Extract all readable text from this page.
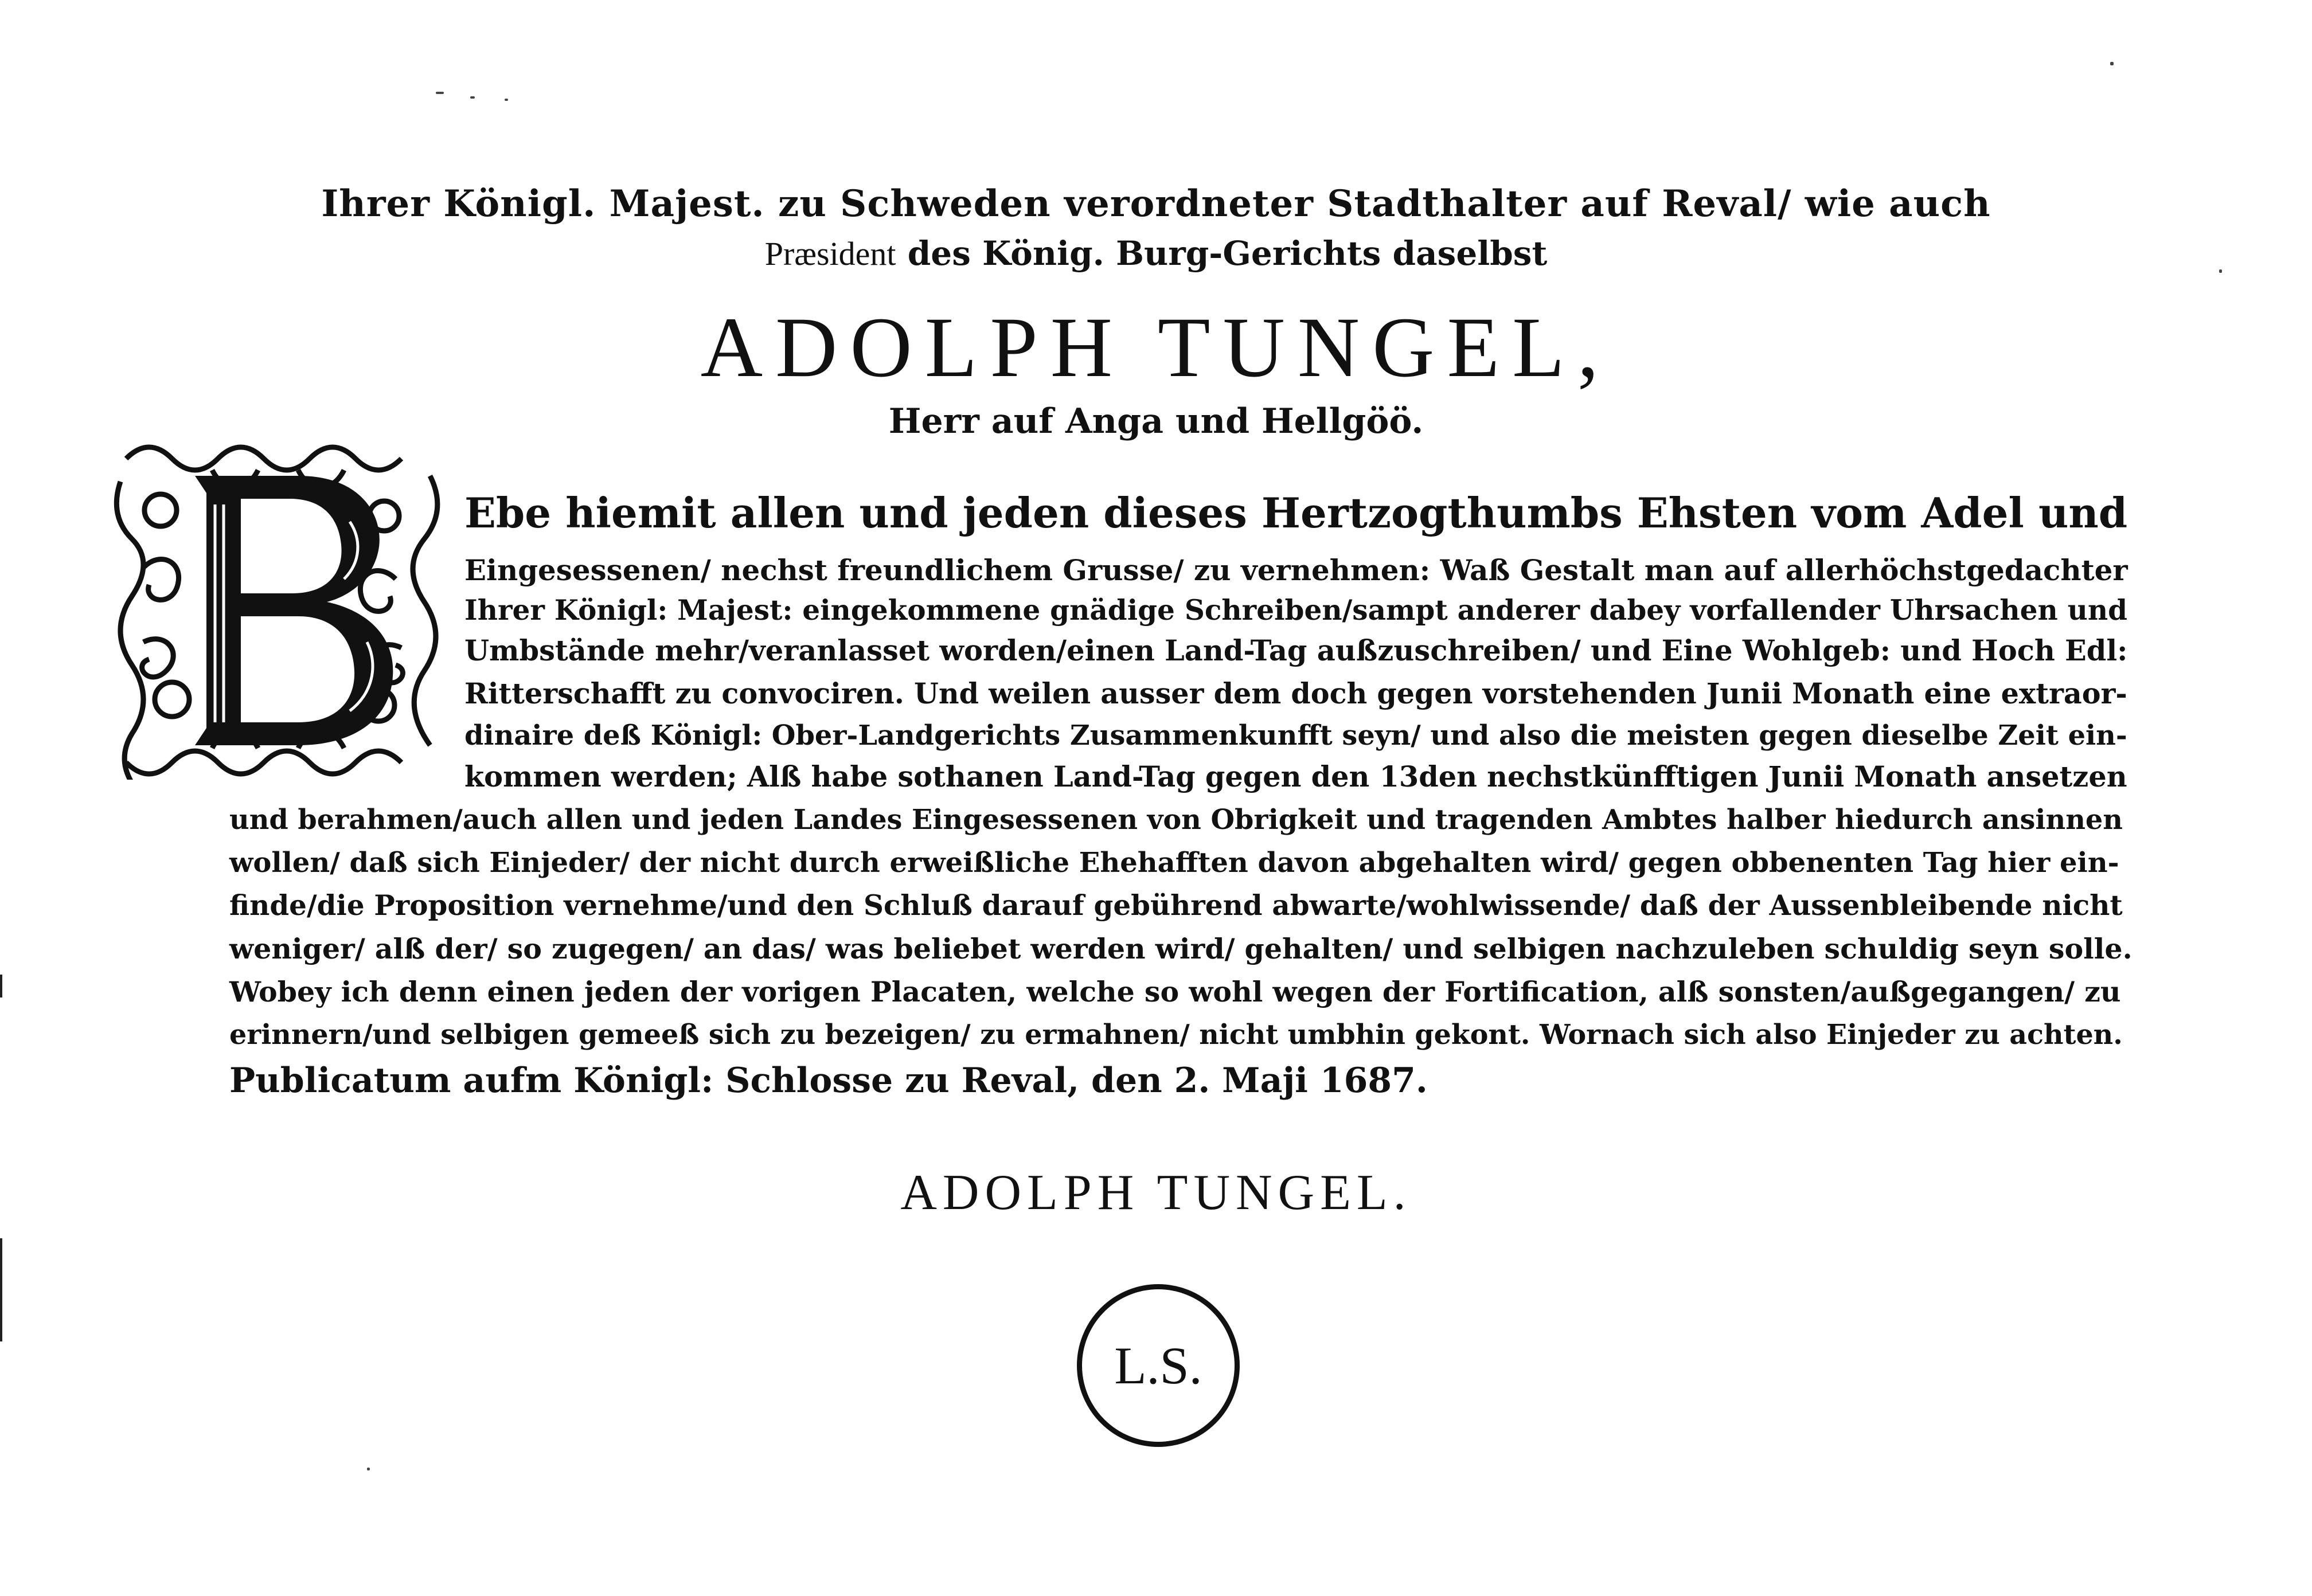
Ihrer Königl. Majest. zu Schweden verordneter Stadthalter auf Reval/ wie auch
Præsident des König. Burg-Gerichts daselbst
ADOLPH TUNGEL,
Herr auf Anga und Hellgöö.
Ebe hiemit allen und jeden dieses Hertzogthumbs Ehsten vom Adel und
Eingesessenen/ nechst freundlichem Grusse/ zu vernehmen: Waß Gestalt man auf allerhöchstgedachter
Ihrer Königl: Majest: eingekommene gnädige Schreiben/sampt anderer dabey vorfallender Uhrsachen und
Umbstände mehr/veranlasset worden/einen Land-Tag außzuschreiben/ und Eine Wohlgeb: und Hoch Edl:
Ritterschafft zu convociren. Und weilen ausser dem doch gegen vorstehenden Junii Monath eine extraor-
dinaire deß Königl: Ober-Landgerichts Zusammenkunfft seyn/ und also die meisten gegen dieselbe Zeit ein-
kommen werden; Alß habe sothanen Land-Tag gegen den 13den nechstkünfftigen Junii Monath ansetzen
und berahmen/auch allen und jeden Landes Eingesessenen von Obrigkeit und tragenden Ambtes halber hiedurch ansinnen
wollen/ daß sich Einjeder/ der nicht durch erweißliche Ehehafften davon abgehalten wird/ gegen obbenenten Tag hier ein-
finde/die Proposition vernehme/und den Schluß darauf gebührend abwarte/wohlwissende/ daß der Aussenbleibende nicht
weniger/ alß der/ so zugegen/ an das/ was beliebet werden wird/ gehalten/ und selbigen nachzuleben schuldig seyn solle.
Wobey ich denn einen jeden der vorigen Placaten, welche so wohl wegen der Fortification, alß sonsten/außgegangen/ zu
erinnern/und selbigen gemeeß sich zu bezeigen/ zu ermahnen/ nicht umbhin gekont. Wornach sich also Einjeder zu achten.
Publicatum aufm Königl: Schlosse zu Reval, den 2. Maji 1687.
ADOLPH TUNGEL.
L.S.
